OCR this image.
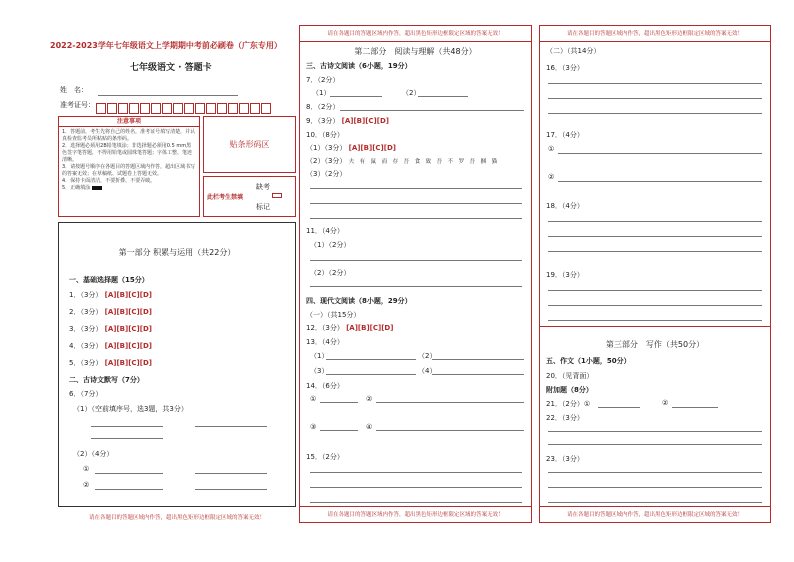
2022-2023学年七年级语文上学期期中考前必刷卷（广东专用）
七年级语文 · 答题卡
姓　名：
准考证号：
注意事项
1．答题前，考生先将自己的姓名，准考证号填写清楚，并认真检查监考员所粘贴的条形码。
2．选择题必须用2B铅笔填涂；非选择题必须用0.5 mm黑色签字笔答题，不得用铅笔或圆珠笔答题；字体工整、笔迹清晰。
3．请按题号顺序在各题目的答题区域内作答，超出区域书写的答案无效；在草稿纸、试题卷上答题无效。
4．保持卡面清洁，不要折叠、不要弄破。
5．正确填涂
贴条形码区
此栏考生禁填
缺考
标记
第一部分 积累与运用（共22分）
一、基础选择题（15分）
1．（3分） [A][B][C][D]
2．（3分） [A][B][C][D]
3．（3分） [A][B][C][D]
4．（3分） [A][B][C][D]
5．（3分） [A][B][C][D]
二、古诗文默写（7分）
6．（7分）
（1）（空前填序号，选3题，共3分）
（2）（4分）
①
②
请在各题目的答题区域内作答，超出黑色矩形边框限定区域的答案无效！
请在各题目的答题区域内作答，超出黑色矩形边框限定区域的答案无效！
请在各题目的答题区域内作答，超出黑色矩形边框限定区域的答案无效！
第二部分　阅读与理解（共48分）
三、古诗文阅读（6小题，19分）
7．（2分）
（1）	（2）
8．（2分）
9．（3分） [A][B][C][D]
10．（8分）
（1）（3分） [A][B][C][D]
（2）（3分） 夫　有　鼠　而　存　吾　食　致　吾　不　罗　吾　捆　猫
（3）（2分）
11．（4分）
（1）（2分）
（2）（2分）
四、现代文阅读（8小题，29分）
（一）（共15分）
12．（3分） [A][B][C][D]
13．（4分）
（1）	（2）
（3）	（4）
14．（6分）
①	②
③	④
15．（2分）
请在各题目的答题区域内作答，超出黑色矩形边框限定区域的答案无效！
请在各题目的答题区域内作答，超出黑色矩形边框限定区域的答案无效！
（二）（共14分）
16．（3分）
17．（4分）
①
②
18．（4分）
19．（3分）
第三部分　写作（共50分）
五、作文（1小题，50分）
20．（见背面）
附加题（8分）
21．（2分）①	②
22．（3分）
23．（3分）
